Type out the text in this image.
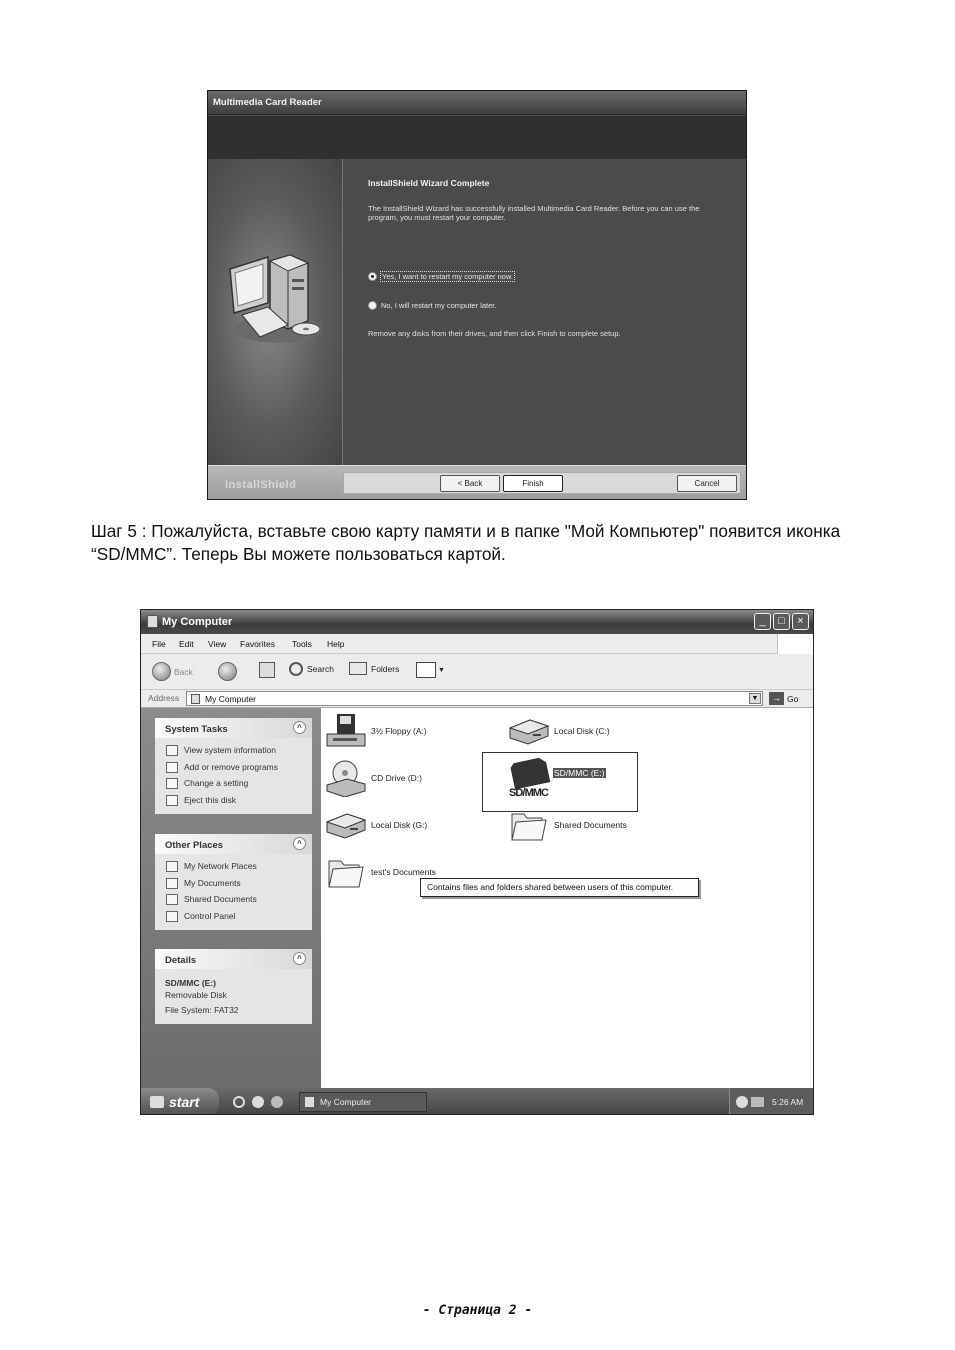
Multimedia Card Reader
InstallShield Wizard Complete
The InstallShield Wizard has successfully installed Multimedia Card Reader. Before you can use the program, you must restart your computer.
Yes, I want to restart my computer now.
No, I will restart my computer later.
Remove any disks from their drives, and then click Finish to complete setup.
InstallShield	< Back	Finish	Cancel
Шаг 5 : Пожалуйста, вставьте свою карту памяти и в папке "Мой Компьютер" появится иконка “SD/MMC”. Теперь Вы можете пользоваться картой.
My Computer	_	□	×
File Edit View Favorites Tools Help
Back	Search	Folders	▼
Address	My Computer	▼	→ Go
System Tasks	^
View system information
Add or remove programs
Change a setting
Eject this disk
Other Places	^
My Network Places
My Documents
Shared Documents
Control Panel
Details	^
SD/MMC (E:)
Removable Disk
File System: FAT32
3½ Floppy (A:)	Local Disk (C:)
CD Drive (D:)
SD/MMC
SD/MMC (E:)
Local Disk (G:)	Shared Documents
test's Documents
Contains files and folders shared between users of this computer.
start	My Computer	5:26 AM
- Страница 2 -
